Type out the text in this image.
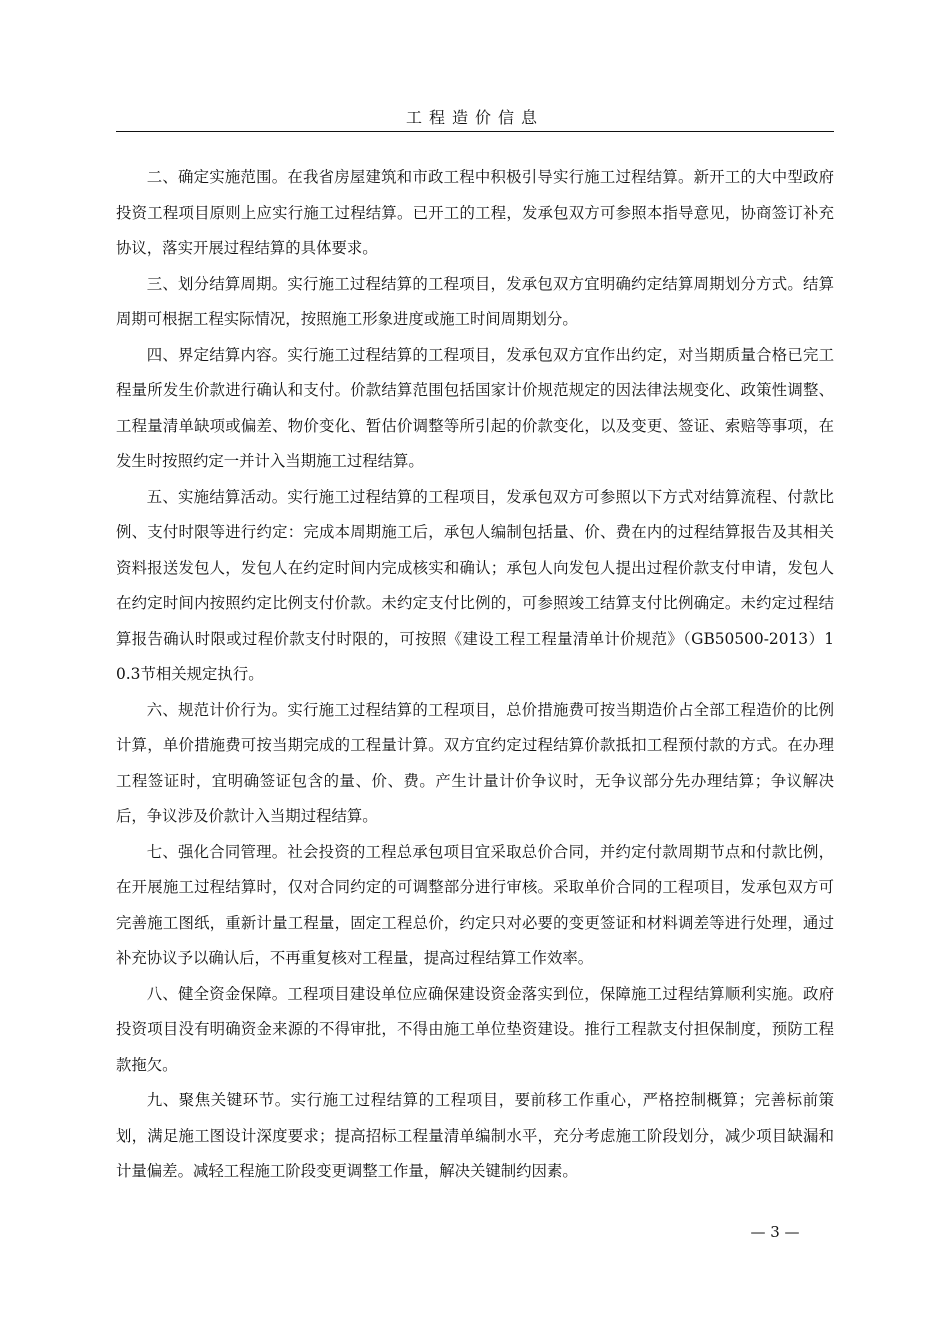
工程造价信息

二、确定实施范围。在我省房屋建筑和市政工程中积极引导实行施工过程结算。新开工的大中型政府投资工程项目原则上应实行施工过程结算。已开工的工程，发承包双方可参照本指导意见，协商签订补充协议，落实开展过程结算的具体要求。

三、划分结算周期。实行施工过程结算的工程项目，发承包双方宜明确约定结算周期划分方式。结算周期可根据工程实际情况，按照施工形象进度或施工时间周期划分。

四、界定结算内容。实行施工过程结算的工程项目，发承包双方宜作出约定，对当期质量合格已完工程量所发生价款进行确认和支付。价款结算范围包括国家计价规范规定的因法律法规变化、政策性调整、工程量清单缺项或偏差、物价变化、暂估价调整等所引起的价款变化，以及变更、签证、索赔等事项，在发生时按照约定一并计入当期施工过程结算。

五、实施结算活动。实行施工过程结算的工程项目，发承包双方可参照以下方式对结算流程、付款比例、支付时限等进行约定：完成本周期施工后，承包人编制包括量、价、费在内的过程结算报告及其相关资料报送发包人，发包人在约定时间内完成核实和确认；承包人向发包人提出过程价款支付申请，发包人在约定时间内按照约定比例支付价款。未约定支付比例的，可参照竣工结算支付比例确定。未约定过程结算报告确认时限或过程价款支付时限的，可按照《建设工程工程量清单计价规范》（GB50500-2013）10.3节相关规定执行。

六、规范计价行为。实行施工过程结算的工程项目，总价措施费可按当期造价占全部工程造价的比例计算，单价措施费可按当期完成的工程量计算。双方宜约定过程结算价款抵扣工程预付款的方式。在办理工程签证时，宜明确签证包含的量、价、费。产生计量计价争议时，无争议部分先办理结算；争议解决后，争议涉及价款计入当期过程结算。

七、强化合同管理。社会投资的工程总承包项目宜采取总价合同，并约定付款周期节点和付款比例，在开展施工过程结算时，仅对合同约定的可调整部分进行审核。采取单价合同的工程项目，发承包双方可完善施工图纸，重新计量工程量，固定工程总价，约定只对必要的变更签证和材料调差等进行处理，通过补充协议予以确认后，不再重复核对工程量，提高过程结算工作效率。

八、健全资金保障。工程项目建设单位应确保建设资金落实到位，保障施工过程结算顺利实施。政府投资项目没有明确资金来源的不得审批，不得由施工单位垫资建设。推行工程款支付担保制度，预防工程款拖欠。

九、聚焦关键环节。实行施工过程结算的工程项目，要前移工作重心，严格控制概算；完善标前策划，满足施工图设计深度要求；提高招标工程量清单编制水平，充分考虑施工阶段划分，减少项目缺漏和计量偏差。减轻工程施工阶段变更调整工作量，解决关键制约因素。

— 3 —
